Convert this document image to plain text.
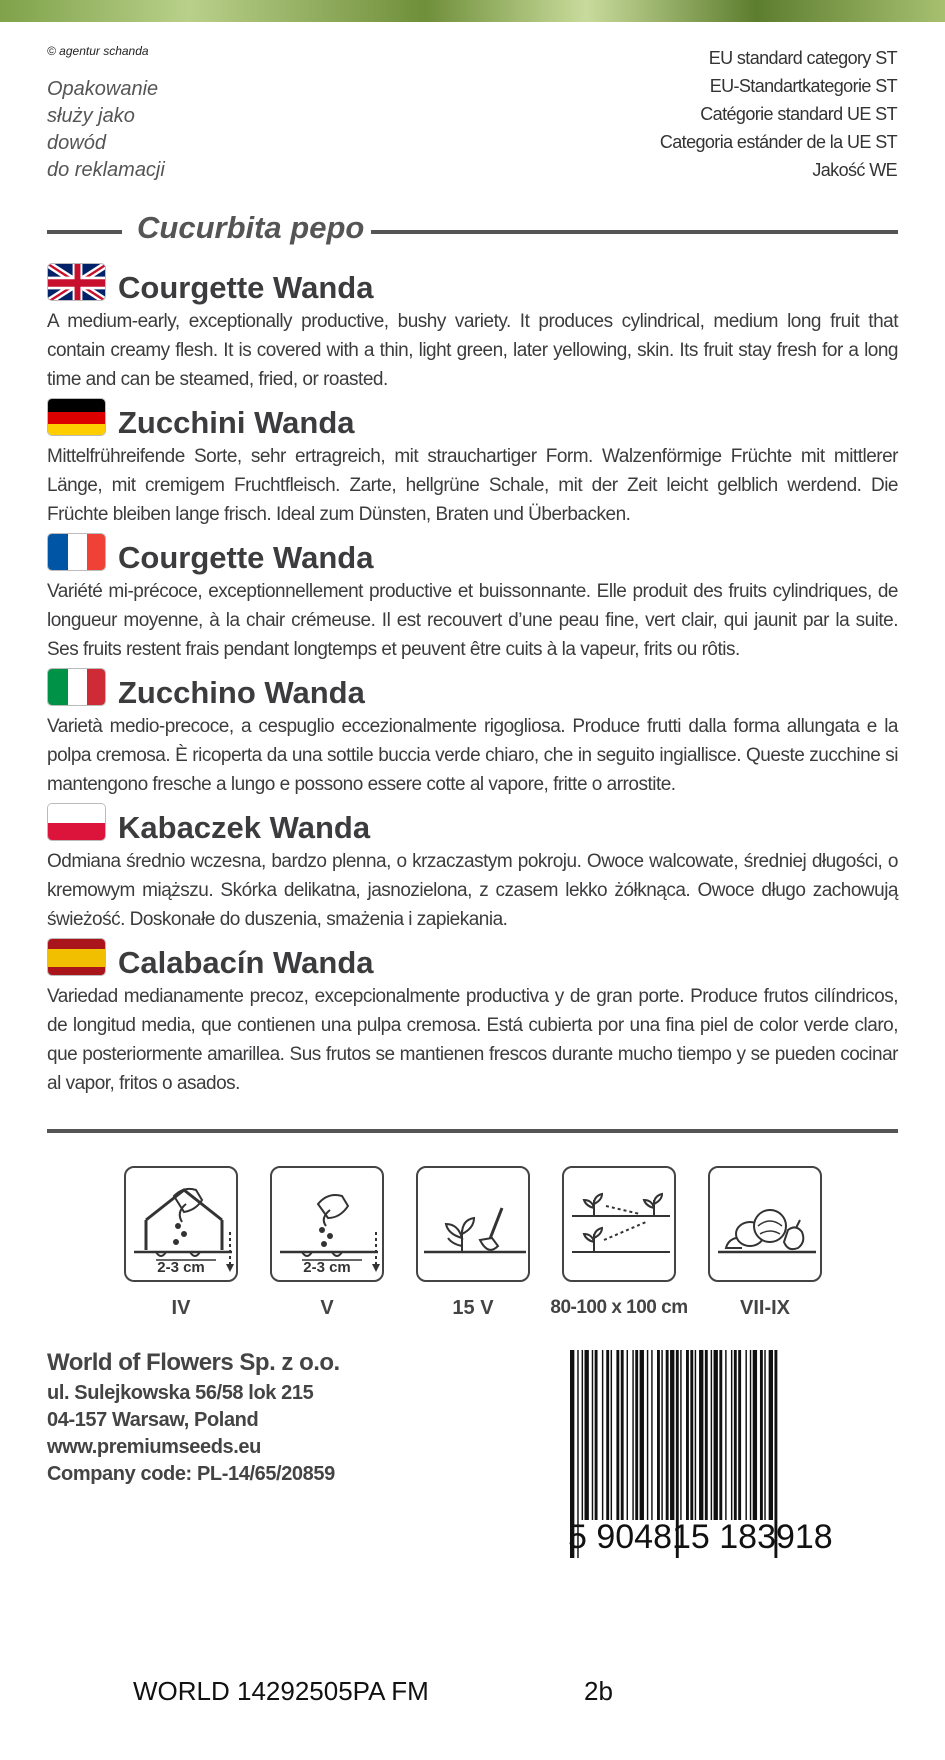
© agentur schanda
Opakowanie
służy jako
dowód
do reklamacji
EU standard category ST
EU-Standartkategorie ST
Catégorie standard UE ST
Categoria estánder de la UE ST
Jakość WE
Cucurbita pepo
Courgette Wanda
A medium-early, exceptionally productive, bushy variety. It produces cylindrical, medium long fruit that contain creamy flesh. It is covered with a thin, light green, later yellowing, skin. Its fruit stay fresh for a long time and can be steamed, fried, or roasted.
Zucchini Wanda
Mittelfrühreifende Sorte, sehr ertragreich, mit strauchartiger Form. Walzenförmige Früchte mit mittlerer Länge, mit cremigem Fruchtfleisch. Zarte, hellgrüne Schale, mit der Zeit leicht gelblich werdend. Die Früchte bleiben lange frisch. Ideal zum Dünsten, Braten und Überbacken.
Courgette Wanda
Variété mi-précoce, exceptionnellement productive et buissonnante. Elle produit des fruits cylindriques, de longueur moyenne, à la chair crémeuse. Il est recouvert d’une peau fine, vert clair, qui jaunit par la suite. Ses fruits restent frais pendant longtemps et peuvent être cuits à la vapeur, frits ou rôtis.
Zucchino Wanda
Varietà medio-precoce, a cespuglio eccezionalmente rigogliosa. Produce frutti dalla forma allungata e la polpa cremosa. È ricoperta da una sottile buccia verde chiaro, che in seguito ingiallisce. Queste zucchine si mantengono fresche a lungo e possono essere cotte al vapore, fritte o arrostite.
Kabaczek Wanda
Odmiana średnio wczesna, bardzo plenna, o krzaczastym pokroju. Owoce walcowate, średniej długości, o kremowym miąższu. Skórka delikatna, jasnozielona, z czasem lekko żółknąca. Owoce długo zachowują świeżość. Doskonałe do duszenia, smażenia i zapiekania.
Calabacín Wanda
Variedad medianamente precoz, excepcionalmente productiva y de gran porte. Produce frutos cilíndricos, de longitud media, que contienen una pulpa cremosa. Está cubierta por una fina piel de color verde claro, que posteriormente amarillea. Sus frutos se mantienen frescos durante mucho tiempo y se pueden cocinar al vapor, fritos o asados.
2-3 cm	2-3 cm
IV	V	15 V	80-100 x 100 cm	VII-IX
World of Flowers Sp. z o.o.
ul. Sulejkowska 56/58 lok 215
04-157 Warsaw, Poland
www.premiumseeds.eu
Company code: PL-14/65/20859
5 904815 183918
WORLD 14292505PA FM	2b
